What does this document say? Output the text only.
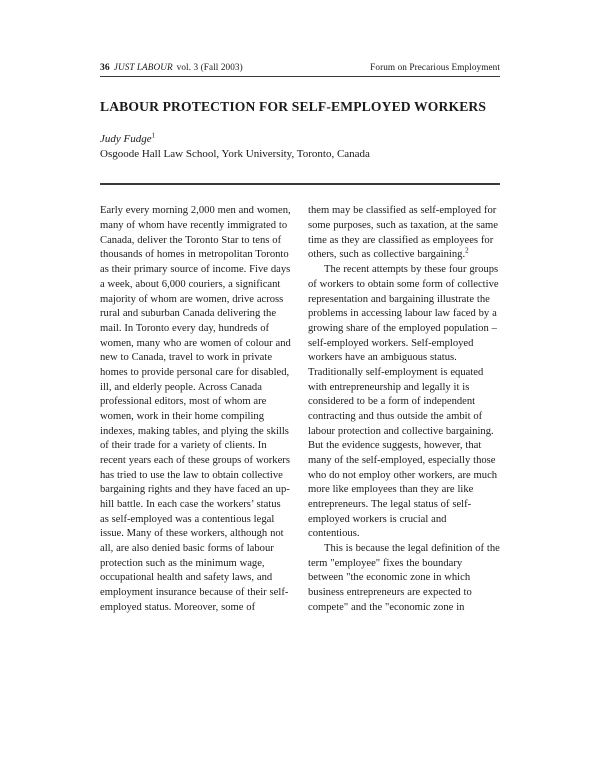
36 JUST LABOUR vol. 3 (Fall 2003)	Forum on Precarious Employment
LABOUR PROTECTION FOR SELF-EMPLOYED WORKERS
Judy Fudge$^1$
Osgoode Hall Law School, York University, Toronto, Canada

Early every morning 2,000 men and women, many of whom have recently immigrated to Canada, deliver the Toronto Star to tens of thousands of homes in metropolitan Toronto as their primary source of income. Five days a week, about 6,000 couriers, a significant majority of whom are women, drive across rural and suburban Canada delivering the mail. In Toronto every day, hundreds of women, many who are women of colour and new to Canada, travel to work in private homes to provide personal care for disabled, ill, and elderly people. Across Canada professional editors, most of whom are women, work in their home compiling indexes, making tables, and plying the skills of their trade for a variety of clients. In recent years each of these groups of workers has tried to use the law to obtain collective bargaining rights and they have faced an up-hill battle. In each case the workers’ status as self-employed was a contentious legal issue. Many of these workers, although not all, are also denied basic forms of labour protection such as the minimum wage, occupational health and safety laws, and employment insurance because of their self-employed status. Moreover, some of

them may be classified as self-employed for some purposes, such as taxation, at the same time as they are classified as employees for others, such as collective bargaining.$^2$

The recent attempts by these four groups of workers to obtain some form of collective representation and bargaining illustrate the problems in accessing labour law faced by a growing share of the employed population – self-employed workers. Self-employed workers have an ambiguous status. Traditionally self-employment is equated with entrepreneurship and legally it is considered to be a form of independent contracting and thus outside the ambit of labour protection and collective bargaining. But the evidence suggests, however, that many of the self-employed, especially those who do not employ other workers, are much more like employees than they are like entrepreneurs. The legal status of self-employed workers is crucial and contentious.

This is because the legal definition of the term "employee" fixes the boundary between "the economic zone in which business entrepreneurs are expected to compete" and the "economic zone in
